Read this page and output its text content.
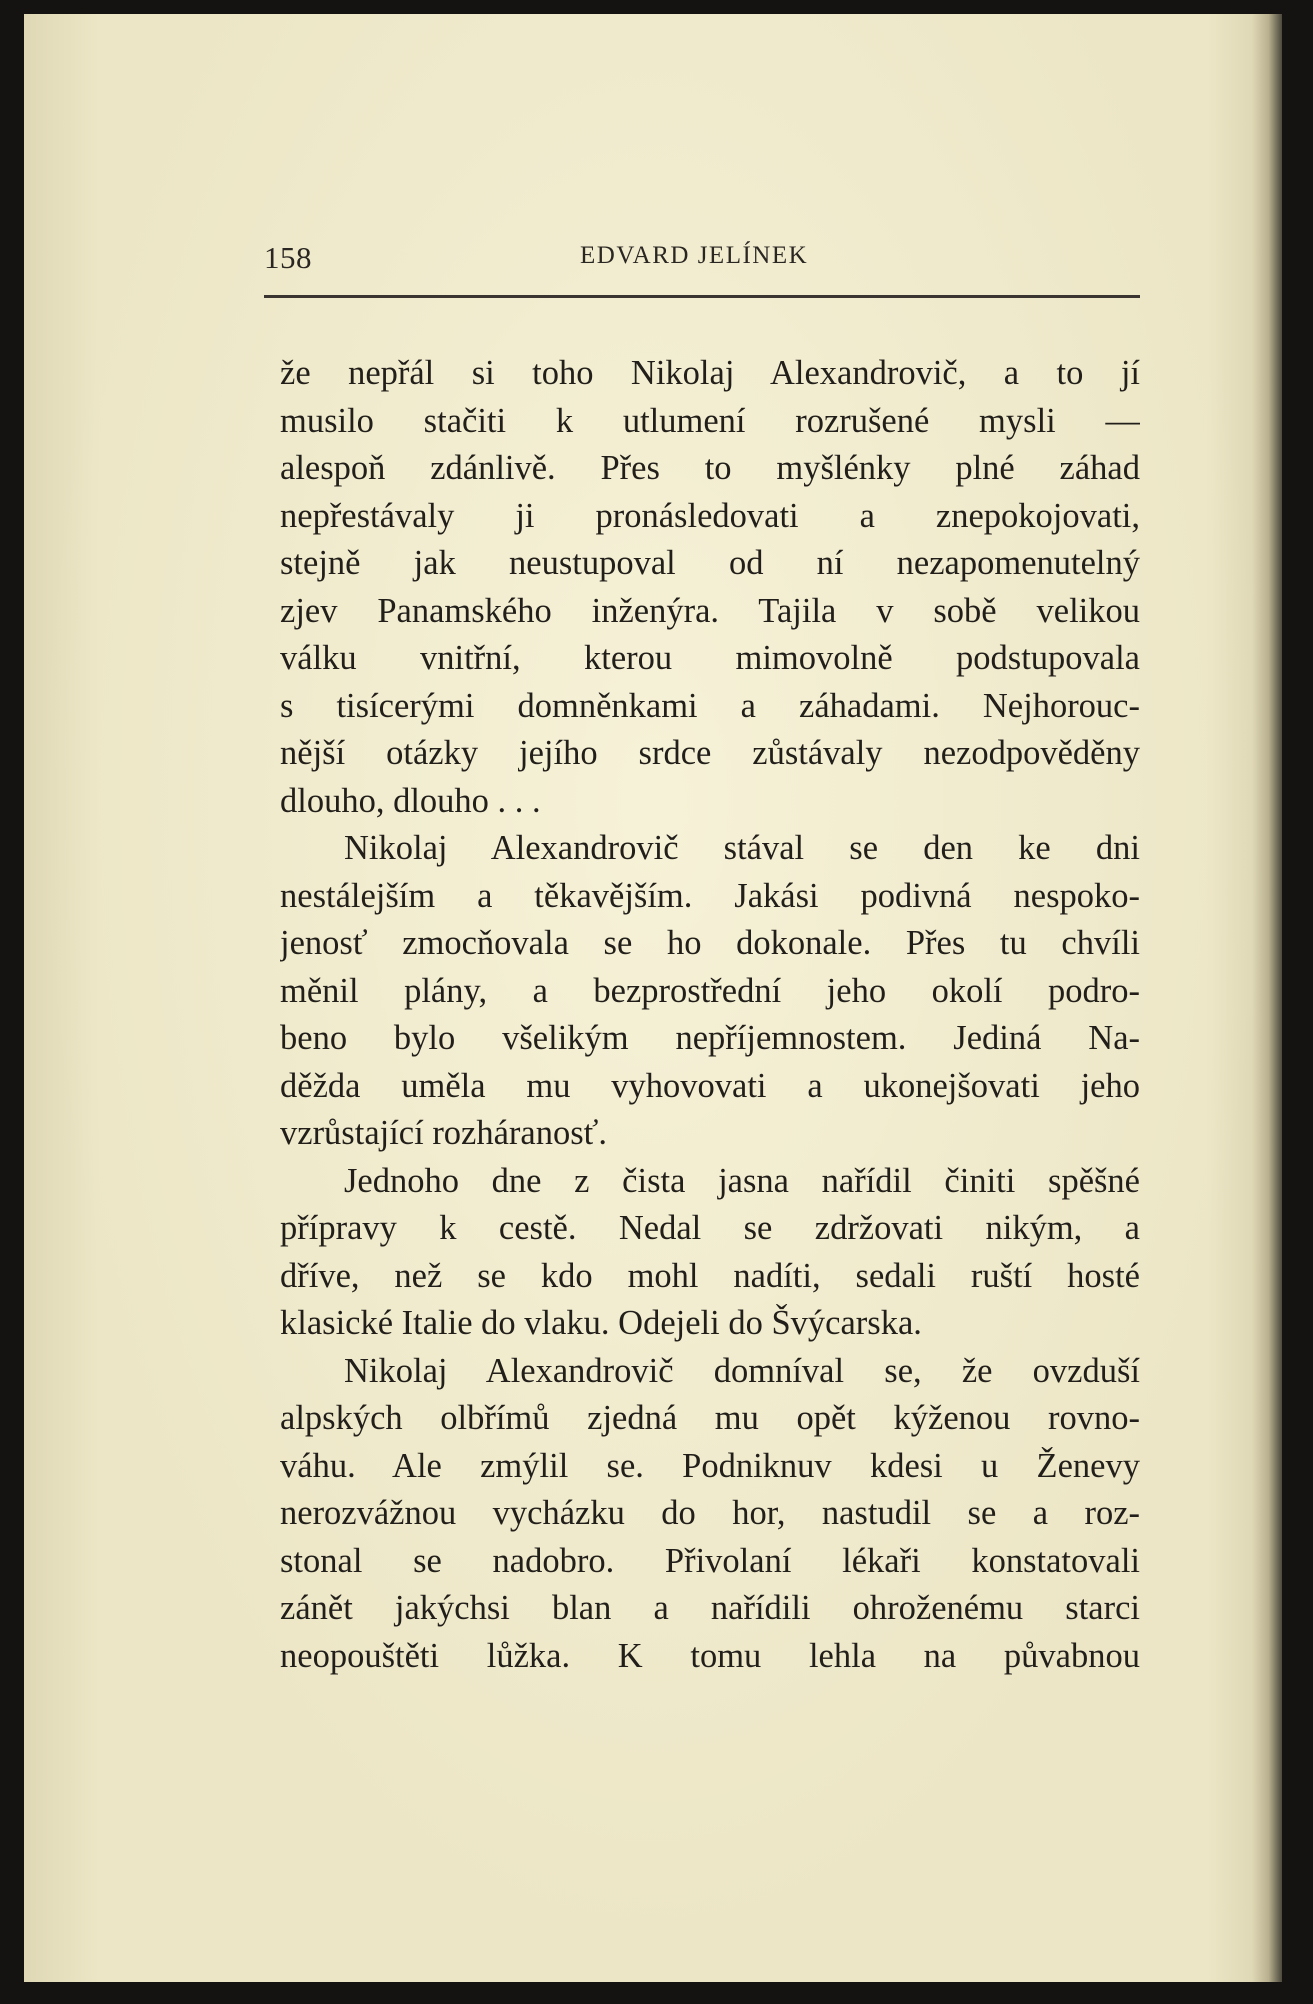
158	EDVARD JELÍNEK
že nepřál si toho Nikolaj Alexandrovič, a to jí
musilo stačiti k utlumení rozrušené mysli —
alespoň zdánlivě. Přes to myšlénky plné záhad
nepřestávaly ji pronásledovati a znepokojovati,
stejně jak neustupoval od ní nezapomenutelný
zjev Panamského inženýra. Tajila v sobě velikou
válku vnitřní, kterou mimovolně podstupovala
s tisícerými domněnkami a záhadami. Nejhorouc-
nější otázky jejího srdce zůstávaly nezodpověděny
dlouho, dlouho . . .
Nikolaj Alexandrovič stával se den ke dni
nestálejším a těkavějším. Jakási podivná nespoko-
jenosť zmocňovala se ho dokonale. Přes tu chvíli
měnil plány, a bezprostřední jeho okolí podro-
beno bylo všelikým nepříjemnostem. Jediná Na-
děžda uměla mu vyhovovati a ukonejšovati jeho
vzrůstající rozháranosť.
Jednoho dne z čista jasna nařídil činiti spěšné
přípravy k cestě. Nedal se zdržovati nikým, a
dříve, než se kdo mohl nadíti, sedali ruští hosté
klasické Italie do vlaku. Odejeli do Švýcarska.
Nikolaj Alexandrovič domníval se, že ovzduší
alpských olbřímů zjedná mu opět kýženou rovno-
váhu. Ale zmýlil se. Podniknuv kdesi u Ženevy
nerozvážnou vycházku do hor, nastudil se a roz-
stonal se nadobro. Přivolaní lékaři konstatovali
zánět jakýchsi blan a nařídili ohroženému starci
neopouštěti lůžka. K tomu lehla na půvabnou
